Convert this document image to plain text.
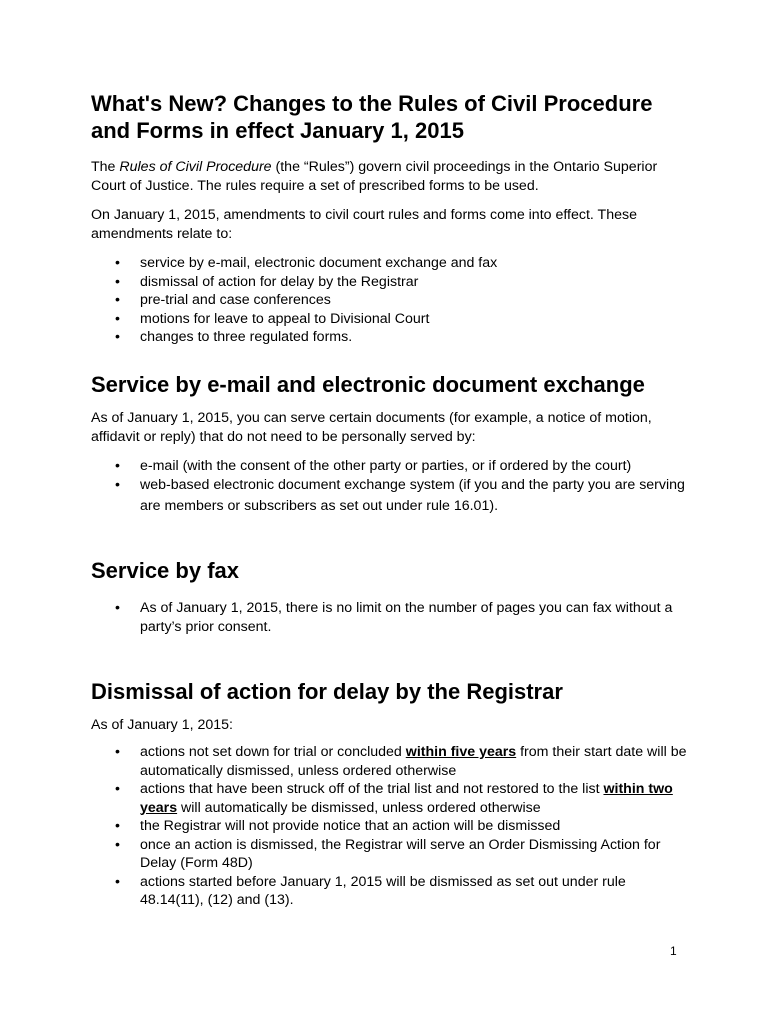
What's New? Changes to the Rules of Civil Procedure and Forms in effect January 1, 2015

The Rules of Civil Procedure (the “Rules”) govern civil proceedings in the Ontario Superior Court of Justice. The rules require a set of prescribed forms to be used.

On January 1, 2015, amendments to civil court rules and forms come into effect. These amendments relate to:

• service by e-mail, electronic document exchange and fax
• dismissal of action for delay by the Registrar
• pre-trial and case conferences
• motions for leave to appeal to Divisional Court
• changes to three regulated forms.
Service by e-mail and electronic document exchange

As of January 1, 2015, you can serve certain documents (for example, a notice of motion, affidavit or reply) that do not need to be personally served by:

• e-mail (with the consent of the other party or parties, or if ordered by the court)
• web-based electronic document exchange system (if you and the party you are serving are members or subscribers as set out under rule 16.01).
Service by fax
• As of January 1, 2015, there is no limit on the number of pages you can fax without a party’s prior consent.
Dismissal of action for delay by the Registrar

As of January 1, 2015:

• actions not set down for trial or concluded within five years from their start date will be automatically dismissed, unless ordered otherwise
• actions that have been struck off of the trial list and not restored to the list within two years will automatically be dismissed, unless ordered otherwise
• the Registrar will not provide notice that an action will be dismissed
• once an action is dismissed, the Registrar will serve an Order Dismissing Action for Delay (Form 48D)
• actions started before January 1, 2015 will be dismissed as set out under rule 48.14(11), (12) and (13).
1
